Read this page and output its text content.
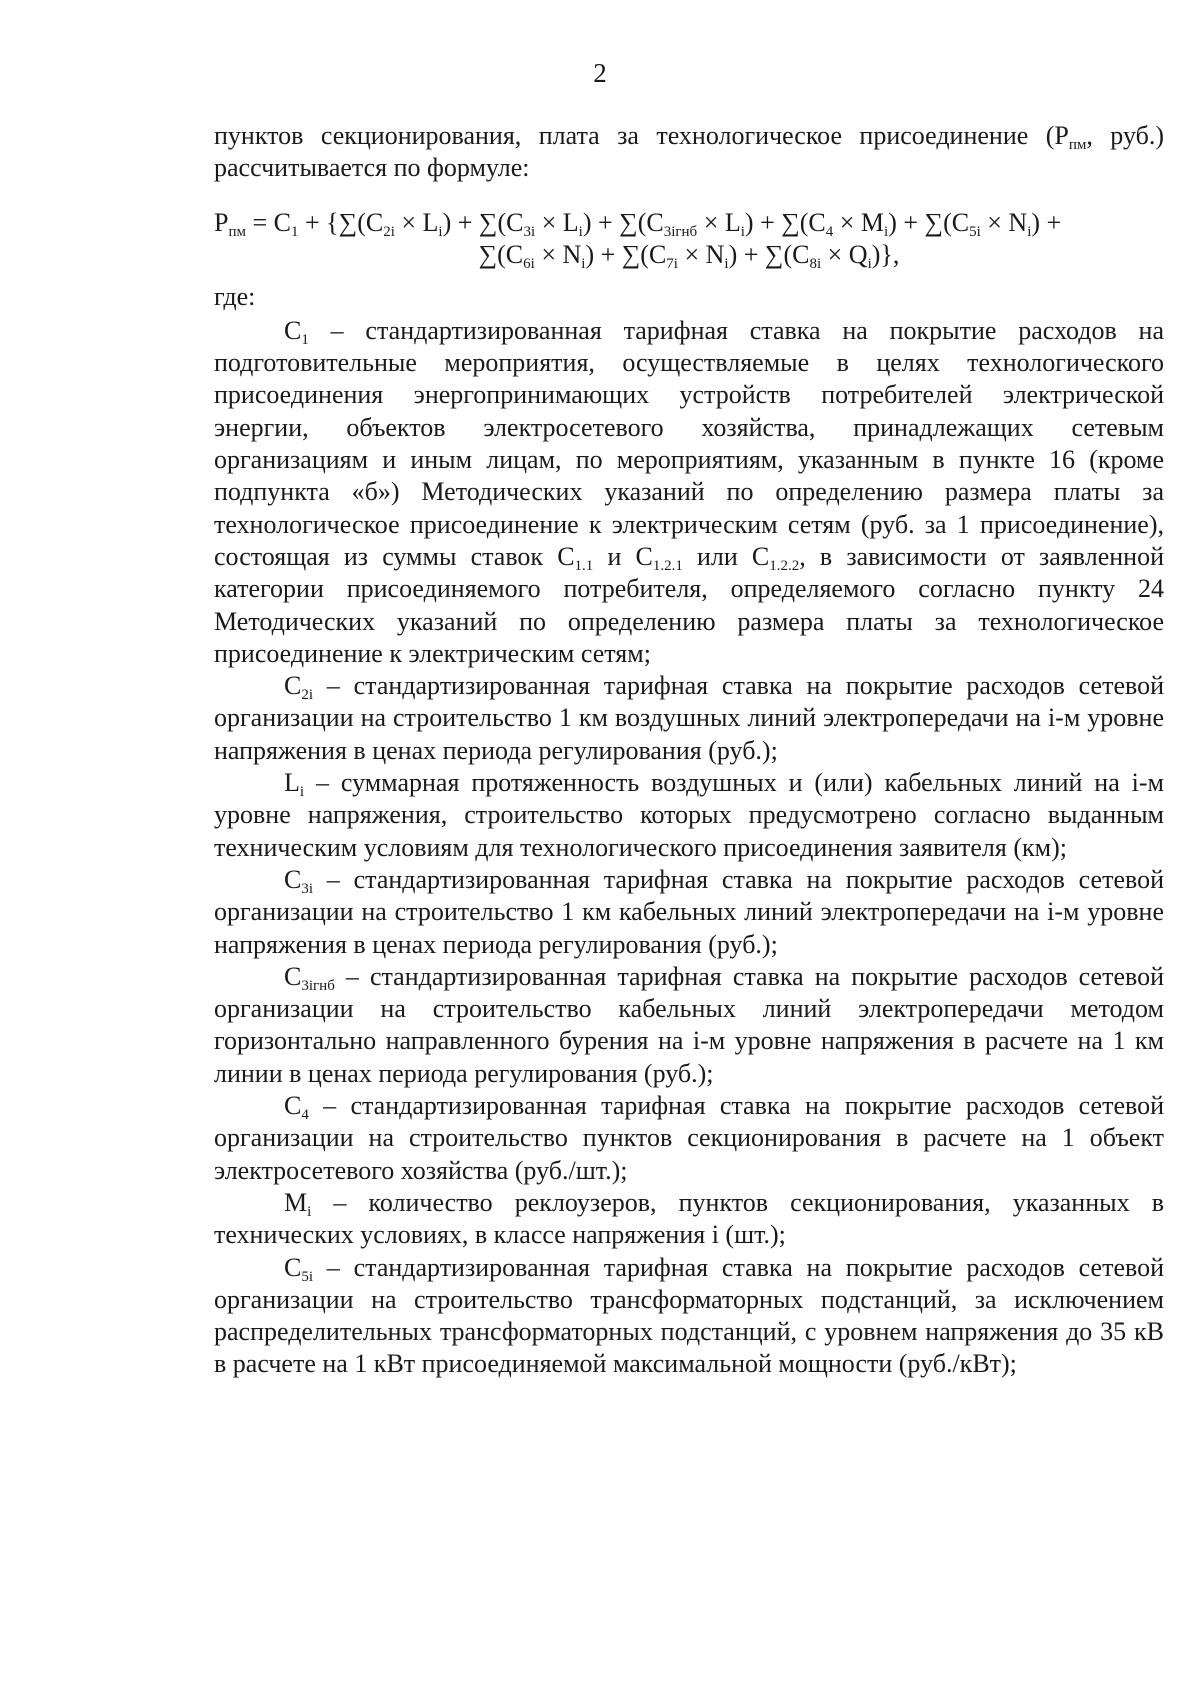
2

пунктов секционирования, плата за технологическое присоединение ($Р_{пм}$, руб.) рассчитывается по формуле:

$Р_{пм} = С_1 + \{\sum(С_{2i} \times L_i) + \sum(С_{3i} \times L_i) + \sum(С_{3iгнб} \times L_i) + \sum(С_4 \times M_i) + \sum(С_{5i} \times N_i)$ +
$\sum(С_{6i} \times N_i) + \sum(С_{7i} \times N_i) + \sum(С_{8i} \times Q_i)$},

где:

$С_1$ – стандартизированная тарифная ставка на покрытие расходов на подготовительные мероприятия, осуществляемые в целях технологического присоединения энергопринимающих устройств потребителей электрической энергии, объектов электросетевого хозяйства, принадлежащих сетевым организациям и иным лицам, по мероприятиям, указанным в пункте 16 (кроме подпункта «б») Методических указаний по определению размера платы за технологическое присоединение к электрическим сетям (руб. за 1 присоединение), состоящая из суммы ставок $С_{1.1}$ и $С_{1.2.1}$ или $С_{1.2.2}$, в зависимости от заявленной категории присоединяемого потребителя, определяемого согласно пункту 24 Методических указаний по определению размера платы за технологическое присоединение к электрическим сетям;

$С_{2i}$ – стандартизированная тарифная ставка на покрытие расходов сетевой организации на строительство 1 км воздушных линий электропередачи на i-м уровне напряжения в ценах периода регулирования (руб.);

$L_i$ – суммарная протяженность воздушных и (или) кабельных линий на i-м уровне напряжения, строительство которых предусмотрено согласно выданным техническим условиям для технологического присоединения заявителя (км);

$С_{3i}$ – стандартизированная тарифная ставка на покрытие расходов сетевой организации на строительство 1 км кабельных линий электропередачи на i-м уровне напряжения в ценах периода регулирования (руб.);

$С_{3iгнб}$ – стандартизированная тарифная ставка на покрытие расходов сетевой организации на строительство кабельных линий электропередачи методом горизонтально направленного бурения на i-м уровне напряжения в расчете на 1 км линии в ценах периода регулирования (руб.);

$С_4$ – стандартизированная тарифная ставка на покрытие расходов сетевой организации на строительство пунктов секционирования в расчете на 1 объект электросетевого хозяйства (руб./шт.);

$M_i$ – количество реклоузеров, пунктов секционирования, указанных в технических условиях, в классе напряжения i (шт.);

$С_{5i}$ – стандартизированная тарифная ставка на покрытие расходов сетевой организации на строительство трансформаторных подстанций, за исключением распределительных трансформаторных подстанций, с уровнем напряжения до 35 кВ в расчете на 1 кВт присоединяемой максимальной мощности (руб./кВт);
